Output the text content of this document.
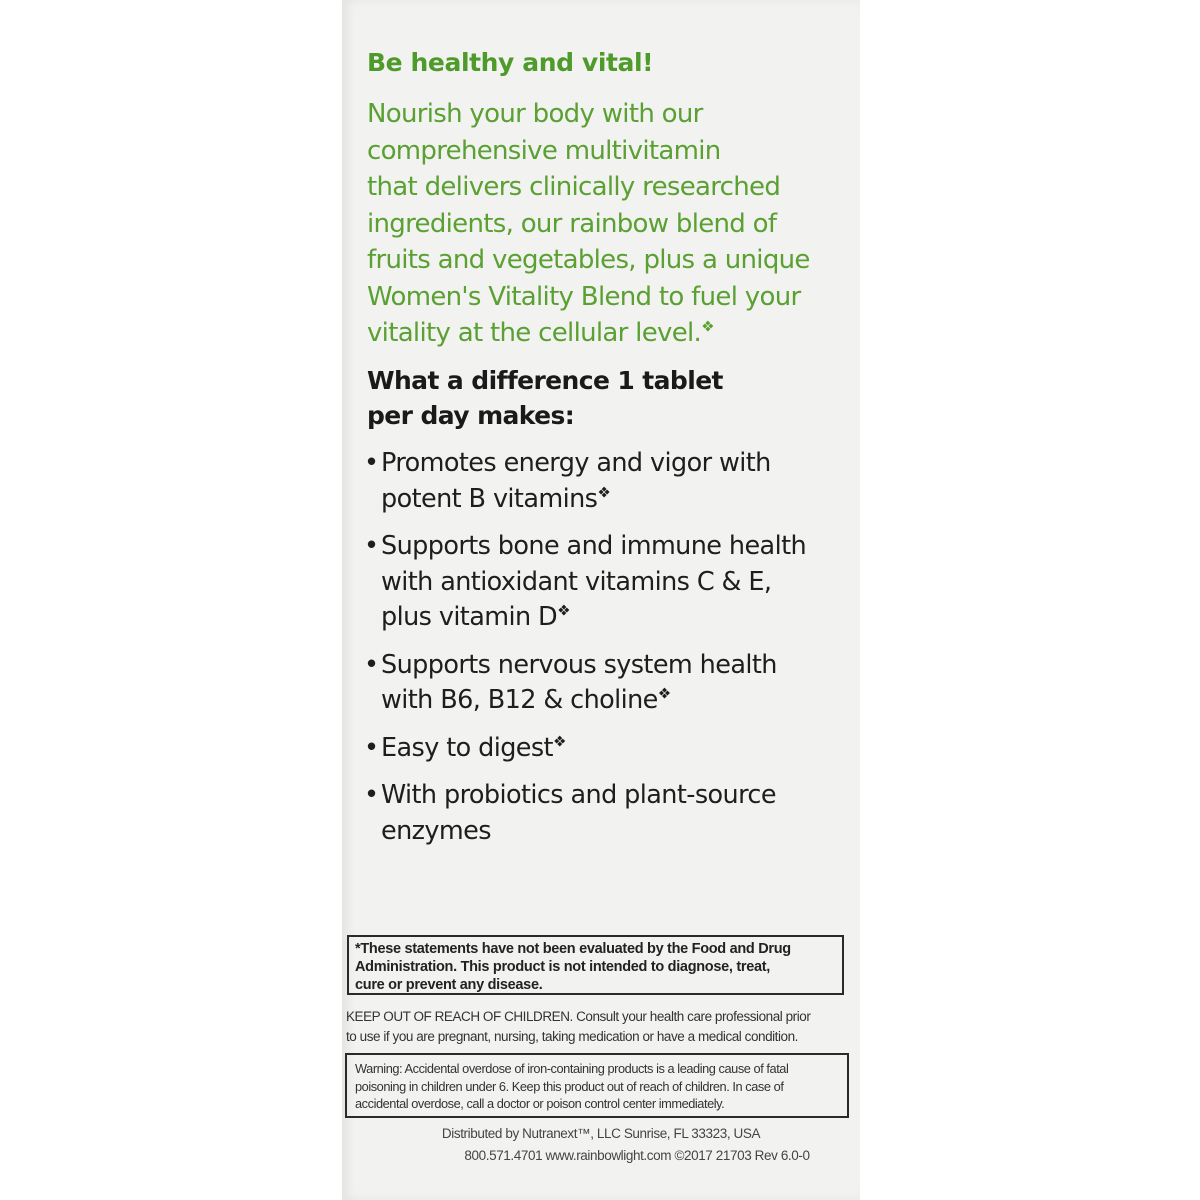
Be healthy and vital!
Nourish your body with our
comprehensive multivitamin
that delivers clinically researched
ingredients, our rainbow blend of
fruits and vegetables, plus a unique
Women's Vitality Blend to fuel your
vitality at the cellular level.❖
What a difference 1 tablet
per day makes:
• Promotes energy and vigor with
potent B vitamins❖
• Supports bone and immune health
with antioxidant vitamins C & E,
plus vitamin D❖
• Supports nervous system health
with B6, B12 & choline❖
• Easy to digest❖
• With probiotics and plant-source
enzymes
*These statements have not been evaluated by the Food and Drug
Administration. This product is not intended to diagnose, treat,
cure or prevent any disease.
KEEP OUT OF REACH OF CHILDREN. Consult your health care professional prior
to use if you are pregnant, nursing, taking medication or have a medical condition.
Warning: Accidental overdose of iron-containing products is a leading cause of fatal
poisoning in children under 6. Keep this product out of reach of children. In case of
accidental overdose, call a doctor or poison control center immediately.
Distributed by Nutranext™, LLC Sunrise, FL 33323, USA
800.571.4701 www.rainbowlight.com ©2017 21703 Rev 6.0-0
